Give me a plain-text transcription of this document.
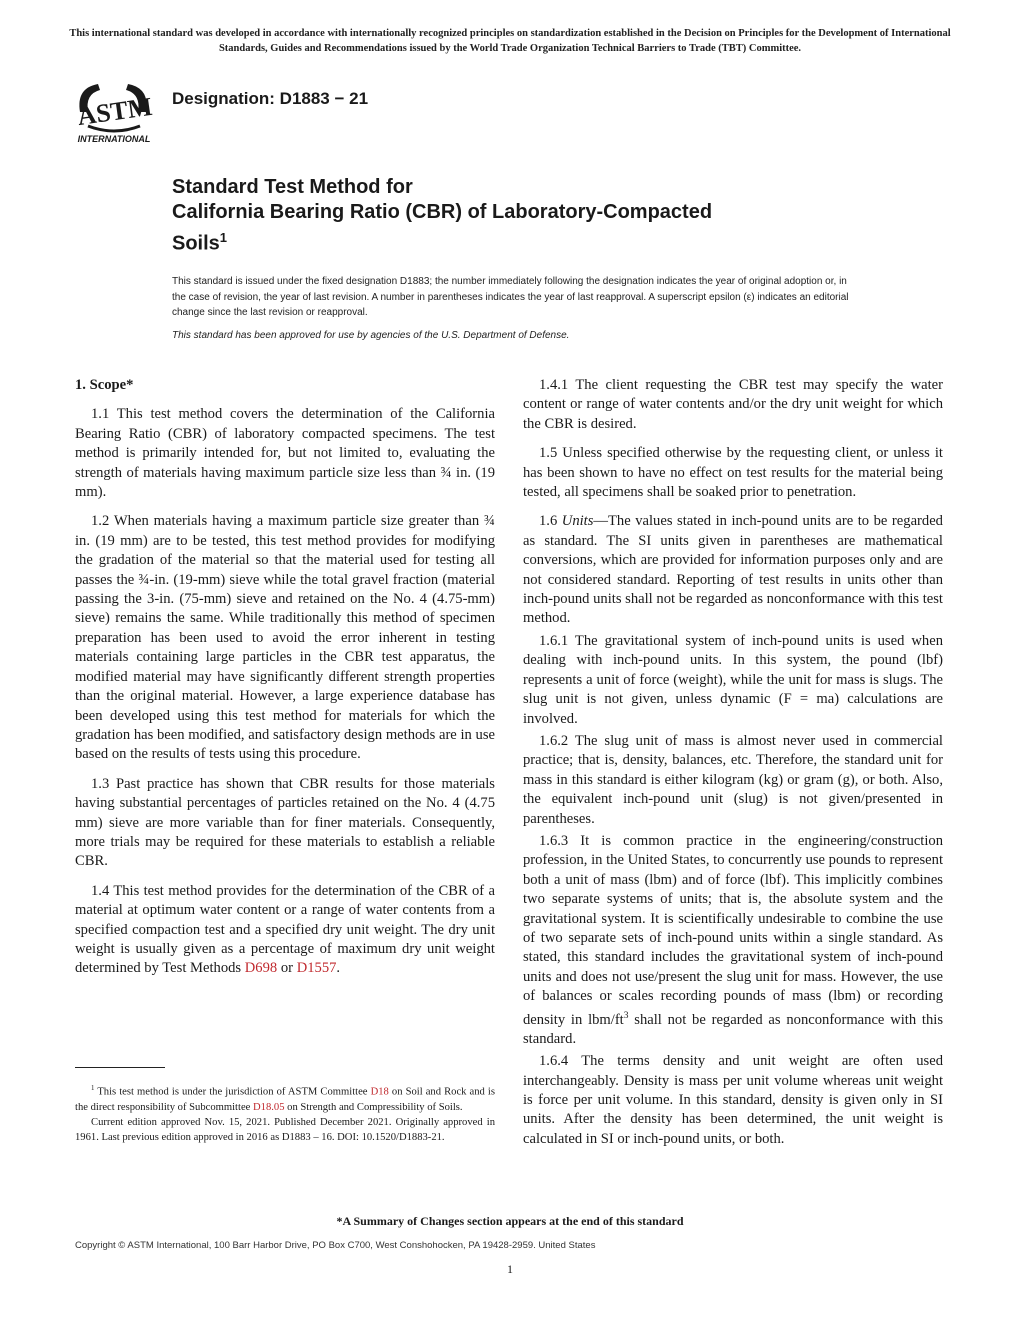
This international standard was developed in accordance with internationally recognized principles on standardization established in the Decision on Principles for the Development of International Standards, Guides and Recommendations issued by the World Trade Organization Technical Barriers to Trade (TBT) Committee.
ASTM
INTERNATIONAL
Designation: D1883 − 21
Standard Test Method for
California Bearing Ratio (CBR) of Laboratory-Compacted
Soils$^1$
This standard is issued under the fixed designation D1883; the number immediately following the designation indicates the year of original adoption or, in the case of revision, the year of last revision. A number in parentheses indicates the year of last reapproval. A superscript epsilon (ε) indicates an editorial change since the last revision or reapproval.
This standard has been approved for use by agencies of the U.S. Department of Defense.
1. Scope*

1.1 This test method covers the determination of the California Bearing Ratio (CBR) of laboratory compacted specimens. The test method is primarily intended for, but not limited to, evaluating the strength of materials having maximum particle size less than ¾ in. (19 mm).

1.2 When materials having a maximum particle size greater than ¾ in. (19 mm) are to be tested, this test method provides for modifying the gradation of the material so that the material used for testing all passes the ¾-in. (19-mm) sieve while the total gravel fraction (material passing the 3-in. (75-mm) sieve and retained on the No. 4 (4.75-mm) sieve) remains the same. While traditionally this method of specimen preparation has been used to avoid the error inherent in testing materials containing large particles in the CBR test apparatus, the modified material may have significantly different strength properties than the original material. However, a large experience database has been developed using this test method for materials for which the gradation has been modified, and satisfactory design methods are in use based on the results of tests using this procedure.

1.3 Past practice has shown that CBR results for those materials having substantial percentages of particles retained on the No. 4 (4.75 mm) sieve are more variable than for finer materials. Consequently, more trials may be required for these materials to establish a reliable CBR.

1.4 This test method provides for the determination of the CBR of a material at optimum water content or a range of water contents from a specified compaction test and a specified dry unit weight. The dry unit weight is usually given as a percentage of maximum dry unit weight determined by Test Methods D698 or D1557.

1.4.1 The client requesting the CBR test may specify the water content or range of water contents and/or the dry unit weight for which the CBR is desired.

1.5 Unless specified otherwise by the requesting client, or unless it has been shown to have no effect on test results for the material being tested, all specimens shall be soaked prior to penetration.

1.6 Units—The values stated in inch-pound units are to be regarded as standard. The SI units given in parentheses are mathematical conversions, which are provided for information purposes only and are not considered standard. Reporting of test results in units other than inch-pound units shall not be regarded as nonconformance with this test method.

1.6.1 The gravitational system of inch-pound units is used when dealing with inch-pound units. In this system, the pound (lbf) represents a unit of force (weight), while the unit for mass is slugs. The slug unit is not given, unless dynamic (F = ma) calculations are involved.

1.6.2 The slug unit of mass is almost never used in commercial practice; that is, density, balances, etc. Therefore, the standard unit for mass in this standard is either kilogram (kg) or gram (g), or both. Also, the equivalent inch-pound unit (slug) is not given/presented in parentheses.

1.6.3 It is common practice in the engineering/construction profession, in the United States, to concurrently use pounds to represent both a unit of mass (lbm) and of force (lbf). This implicitly combines two separate systems of units; that is, the absolute system and the gravitational system. It is scientifically undesirable to combine the use of two separate sets of inch-pound units within a single standard. As stated, this standard includes the gravitational system of inch-pound units and does not use/present the slug unit for mass. However, the use of balances or scales recording pounds of mass (lbm) or recording density in lbm/$ft^3$ shall not be regarded as nonconformance with this standard.

1.6.4 The terms density and unit weight are often used interchangeably. Density is mass per unit volume whereas unit weight is force per unit volume. In this standard, density is given only in SI units. After the density has been determined, the unit weight is calculated in SI or inch-pound units, or both.

$^1$ This test method is under the jurisdiction of ASTM Committee D18 on Soil and Rock and is the direct responsibility of Subcommittee D18.05 on Strength and Compressibility of Soils.

Current edition approved Nov. 15, 2021. Published December 2021. Originally approved in 1961. Last previous edition approved in 2016 as D1883 – 16. DOI: 10.1520/D1883-21.

*A Summary of Changes section appears at the end of this standard
Copyright © ASTM International, 100 Barr Harbor Drive, PO Box C700, West Conshohocken, PA 19428-2959. United States
1
